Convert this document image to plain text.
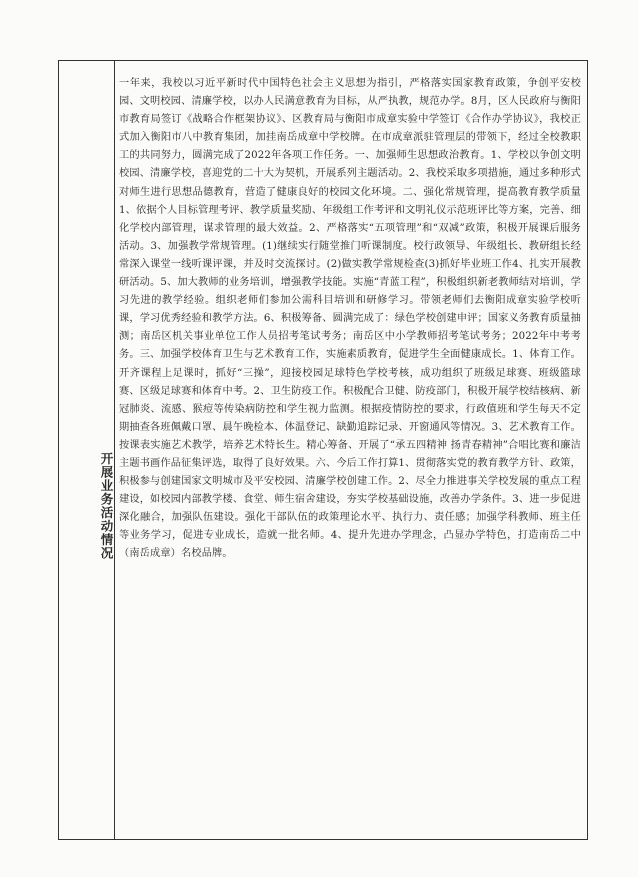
开展业务活动情况
一年来，我校以习近平新时代中国特色社会主义思想为指引，严格落实国家教育政策，争创平安校园、文明校园、清廉学校，以办人民满意教育为目标，从严执教，规范办学。8月，区人民政府与衡阳市教育局签订《战略合作框架协议》、区教育局与衡阳市成章实验中学签订《合作办学协议》，我校正式加入衡阳市八中教育集团，加挂南岳成章中学校牌。在市成章派驻管理层的带领下，经过全校教职工的共同努力，圆满完成了2022年各项工作任务。一、加强师生思想政治教育。1、学校以争创文明校园、清廉学校，喜迎党的二十大为契机，开展系列主题活动。2、我校采取多项措施，通过多种形式对师生进行思想品德教育，营造了健康良好的校园文化环境。二、强化常规管理，提高教育教学质量1、依据个人目标管理考评、教学质量奖励、年级组工作考评和文明礼仪示范班评比等方案，完善、细化学校内部管理，谋求管理的最大效益。2、严格落实“五项管理”和“双减”政策，积极开展课后服务活动。3、加强教学常规管理。(1)继续实行随堂推门听课制度。校行政领导、年级组长、教研组长经常深入课堂一线听课评课，并及时交流探讨。(2)做实教学常规检查(3)抓好毕业班工作4、扎实开展教研活动。5、加大教师的业务培训，增强教学技能。实施“青蓝工程”，积极组织新老教师结对培训，学习先进的教学经验。组织老师们参加公需科目培训和研修学习。带领老师们去衡阳成章实验学校听课，学习优秀经验和教学方法。6、积极筹备、圆满完成了：绿色学校创建申评；国家义务教育质量抽测；南岳区机关事业单位工作人员招考笔试考务；南岳区中小学教师招考笔试考务；2022年中考考务。三、加强学校体育卫生与艺术教育工作，实施素质教育，促进学生全面健康成长。1、体育工作。开齐课程上足课时，抓好“三操”，迎接校园足球特色学校考核，成功组织了班级足球赛、班级篮球赛、区级足球赛和体育中考。2、卫生防疫工作。积极配合卫健、防疫部门，积极开展学校结核病、新冠肺炎、流感、猴痘等传染病防控和学生视力监测。根据疫情防控的要求，行政值班和学生每天不定期抽查各班佩戴口罩、晨午晚检本、体温登记、缺勤追踪记录、开窗通风等情况。3、艺术教育工作。按课表实施艺术教学，培养艺术特长生。精心筹备、开展了“承五四精神 扬青春精神”合唱比赛和廉洁主题书画作品征集评选，取得了良好效果。六、今后工作打算1、贯彻落实党的教育教学方针、政策，积极参与创建国家文明城市及平安校园、清廉学校创建工作。2、尽全力推进事关学校发展的重点工程建设，如校园内部教学楼、食堂、师生宿舍建设，夯实学校基础设施，改善办学条件。3、进一步促进深化融合，加强队伍建设。强化干部队伍的政策理论水平、执行力、责任感；加强学科教师、班主任等业务学习，促进专业成长，造就一批名师。4、提升先进办学理念，凸显办学特色，打造南岳二中（南岳成章）名校品牌。
